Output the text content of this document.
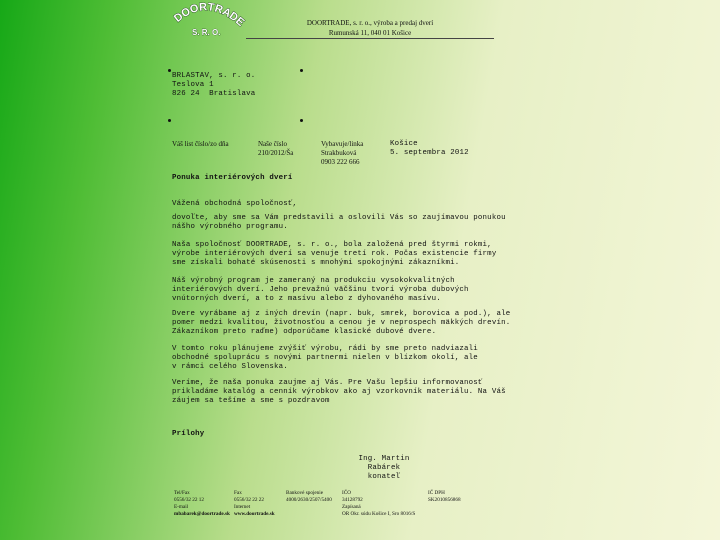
DOORTRADE
S. R. O.
DOORTRADE, s. r. o., výroba a predaj dverí
Rumunská 11, 040 01 Košice
BRLASTAV, s. r. o.
Teslova 1
826 24  Bratislava
Váš list číslo/zo dňa	Naše číslo
210/2012/Ša
Vybavuje/linka
Strakbuková
0903 222 666
Košice
5. septembra 2012
Ponuka interiérových dverí
Vážená obchodná spoločnosť,
dovoľte, aby sme sa Vám predstavili a oslovili Vás so zaujímavou ponukou
nášho výrobného programu.
Naša spoločnosť DOORTRADE, s. r. o., bola založená pred štyrmi rokmi,
výrobe interiérových dverí sa venuje tretí rok. Počas existencie firmy
sme získali bohaté skúsenosti s mnohými spokojnými zákazníkmi.
Náš výrobný program je zameraný na produkciu vysokokvalitných
interiérových dverí. Jeho prevažnú väčšinu tvorí výroba dubových
vnútorných dverí, a to z masívu alebo z dyhovaného masívu.
Dvere vyrábame aj z iných drevín (napr. buk, smrek, borovica a pod.), ale
pomer medzi kvalitou, životnosťou a cenou je v neprospech mäkkých drevín.
Zákazníkom preto raďme) odporúčame klasické dubové dvere.
V tomto roku plánujeme zvýšiť výrobu, rádi by sme preto nadviazali
obchodné spoluprácu s novými partnermi nielen v blízkom okolí, ale
v rámci celého Slovenska.
Veríme, že naša ponuka zaujme aj Vás. Pre Vašu lepšiu informovanosť
prikladáme katalóg a cenník výrobkov ako aj vzorkovník materiálu. Na Váš
záujem sa tešíme a sme s pozdravom
Prílohy
Ing. Martin Rabárek
konateľ
Tel/Fax
0556/32 22 12
E-mail
mbabarek@doortrade.sk
Fax
0556/32 22 22
Internet
www.doortrade.sk
Bankové spojenie
4000/2630/2507/5400
IČO
34128792
Zapísaná
OR Okr. súdu Košice I, Sro 8016/S
IČ DPH
SK2010856868
